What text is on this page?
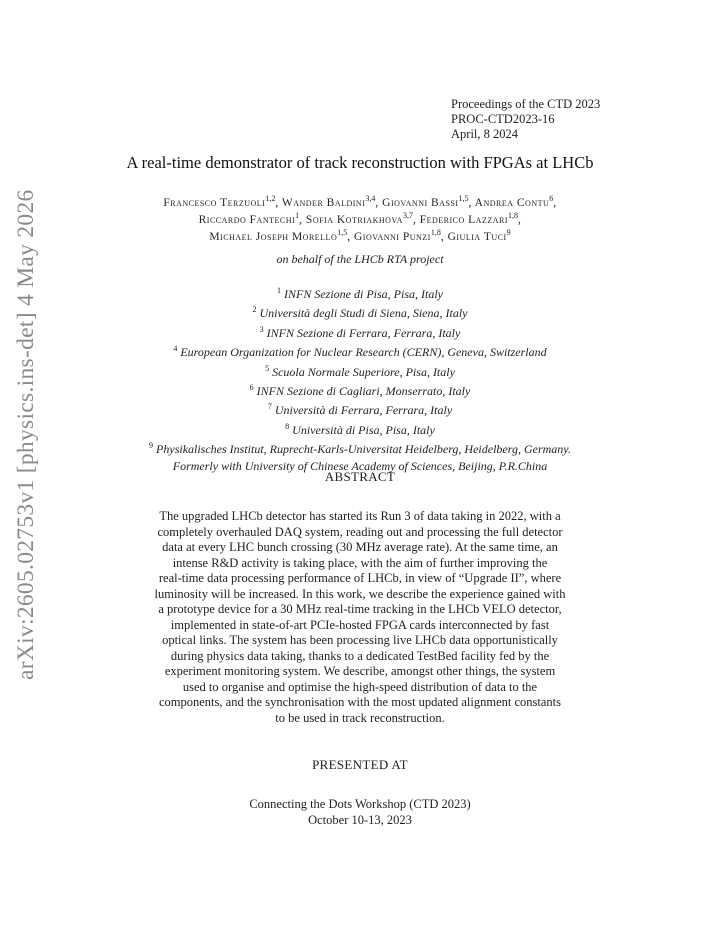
arXiv:2605.02753v1 [physics.ins-det] 4 May 2026
Proceedings of the CTD 2023
PROC-CTD2023-16
April, 8 2024
A real-time demonstrator of track reconstruction with FPGAs at LHCb
Francesco Terzuoli$^{1,2}$, Wander Baldini$^{3,4}$, Giovanni Bassi$^{1,5}$, Andrea Contu$^6$,
Riccardo Fantechi$^1$, Sofia Kotriakhova$^{3,7}$, Federico Lazzari$^{1,8}$,
Michael Joseph Morello$^{1,5}$, Giovanni Punzi$^{1,8}$, Giulia Tuci$^9$
on behalf of the LHCb RTA project
$^1$ INFN Sezione di Pisa, Pisa, Italy
$^2$ Università degli Studi di Siena, Siena, Italy
$^3$ INFN Sezione di Ferrara, Ferrara, Italy
$^4$ European Organization for Nuclear Research (CERN), Geneva, Switzerland
$^5$ Scuola Normale Superiore, Pisa, Italy
$^6$ INFN Sezione di Cagliari, Monserrato, Italy
$^7$ Università di Ferrara, Ferrara, Italy
$^8$ Università di Pisa, Pisa, Italy
$^9$ Physikalisches Institut, Ruprecht-Karls-Universitat Heidelberg, Heidelberg, Germany.
Formerly with University of Chinese Academy of Sciences, Beijing, P.R.China
ABSTRACT
The upgraded LHCb detector has started its Run 3 of data taking in 2022, with a
completely overhauled DAQ system, reading out and processing the full detector
data at every LHC bunch crossing (30 MHz average rate). At the same time, an
intense R&D activity is taking place, with the aim of further improving the
real-time data processing performance of LHCb, in view of “Upgrade II”, where
luminosity will be increased. In this work, we describe the experience gained with
a prototype device for a 30 MHz real-time tracking in the LHCb VELO detector,
implemented in state-of-art PCIe-hosted FPGA cards interconnected by fast
optical links. The system has been processing live LHCb data opportunistically
during physics data taking, thanks to a dedicated TestBed facility fed by the
experiment monitoring system. We describe, amongst other things, the system
used to organise and optimise the high-speed distribution of data to the
components, and the synchronisation with the most updated alignment constants
to be used in track reconstruction.
PRESENTED AT
Connecting the Dots Workshop (CTD 2023)
October 10-13, 2023
